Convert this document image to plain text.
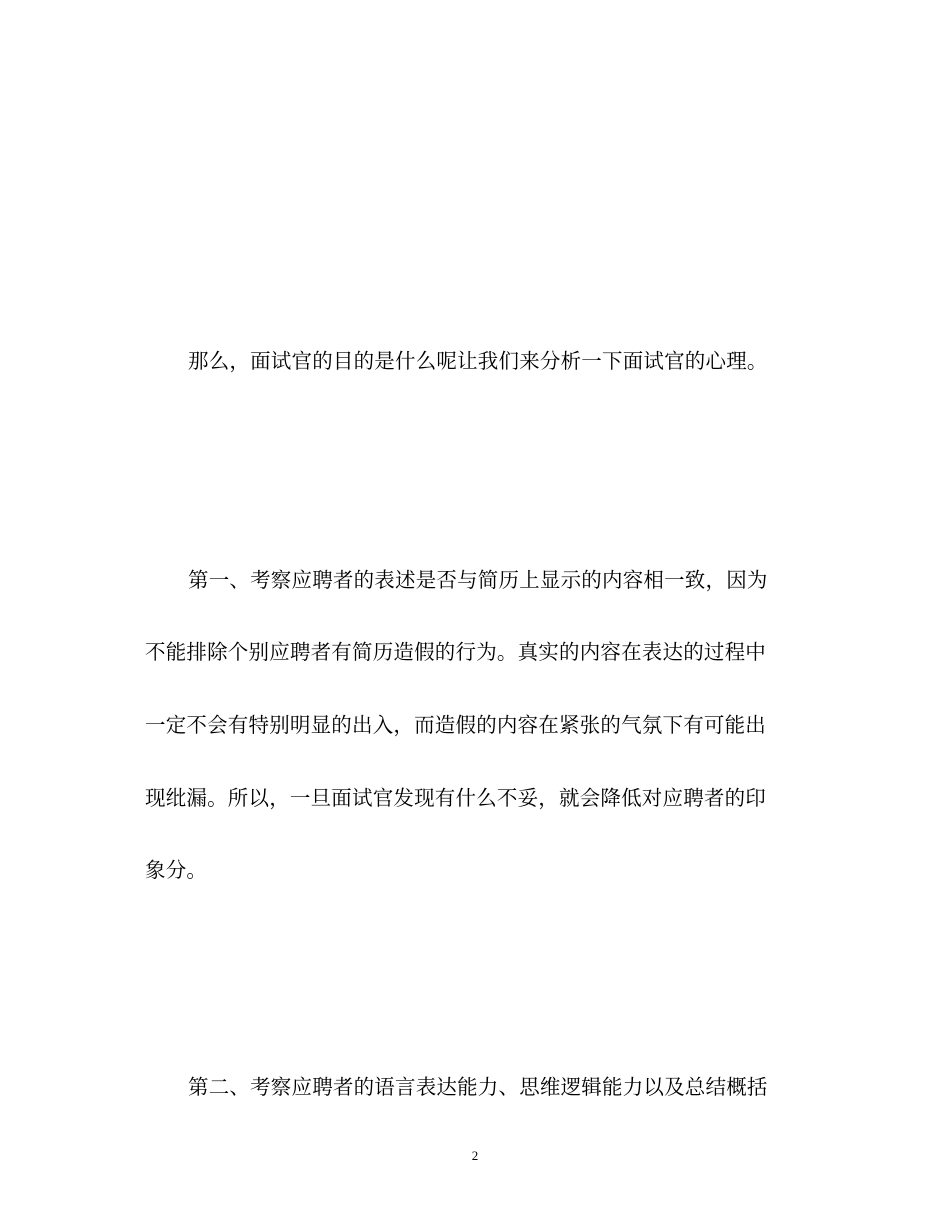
那么，面试官的目的是什么呢让我们来分析一下面试官的心理。
第一、考察应聘者的表述是否与简历上显示的内容相一致，因为
不能排除个别应聘者有简历造假的行为。真实的内容在表达的过程中
一定不会有特别明显的出入，而造假的内容在紧张的气氛下有可能出
现纰漏。所以，一旦面试官发现有什么不妥，就会降低对应聘者的印
象分。
第二、考察应聘者的语言表达能力、思维逻辑能力以及总结概括
2
